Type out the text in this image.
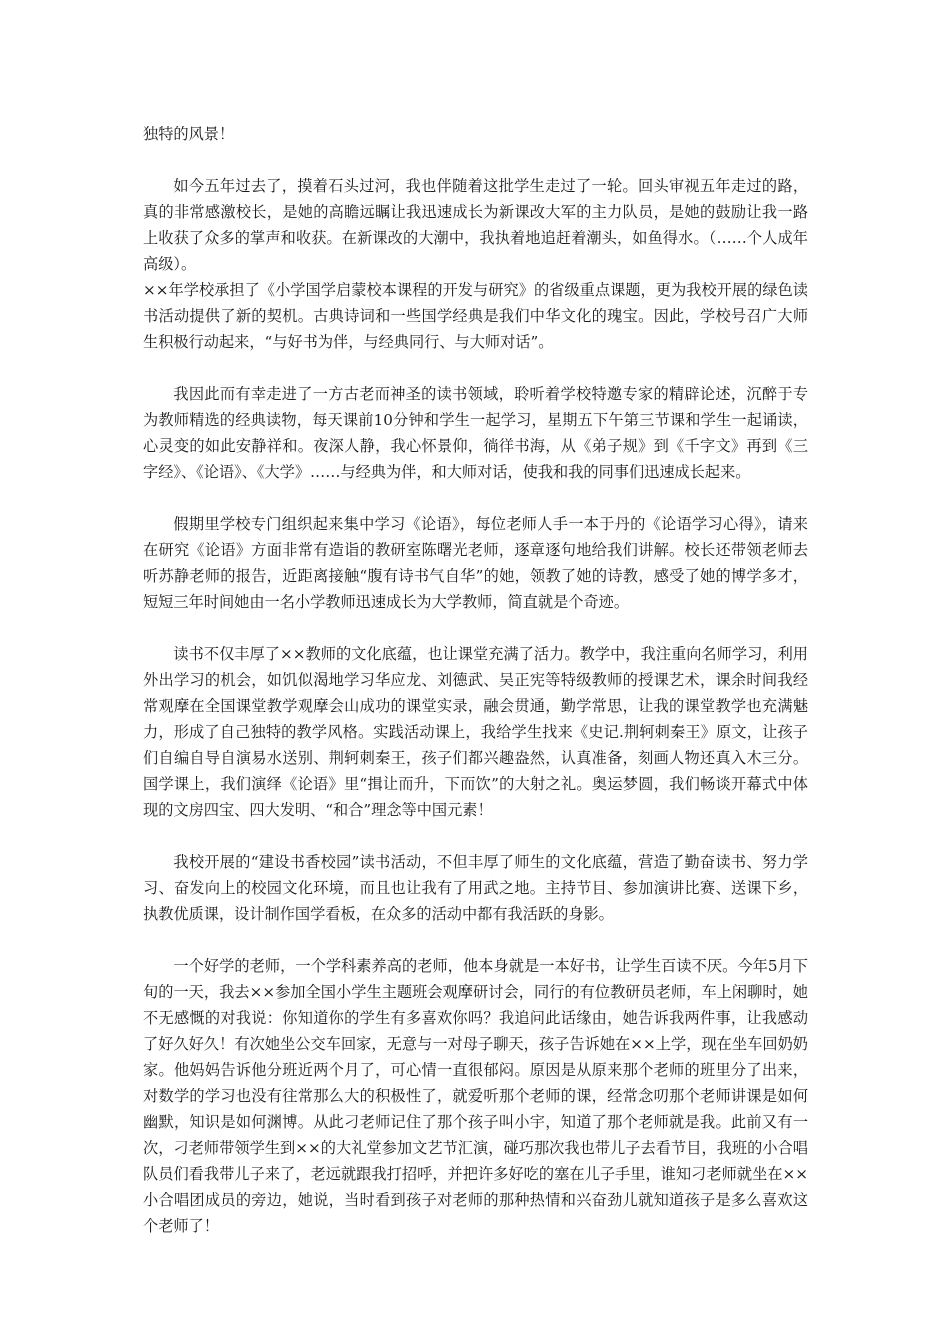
独特的风景！

如今五年过去了，摸着石头过河，我也伴随着这批学生走过了一轮。回头审视五年走过的路，真的非常感激校长，是她的高瞻远瞩让我迅速成长为新课改大军的主力队员，是她的鼓励让我一路上收获了众多的掌声和收获。在新课改的大潮中，我执着地追赶着潮头，如鱼得水。（……个人成年高级）。

××年学校承担了《小学国学启蒙校本课程的开发与研究》的省级重点课题，更为我校开展的绿色读书活动提供了新的契机。古典诗词和一些国学经典是我们中华文化的瑰宝。因此，学校号召广大师生积极行动起来，“与好书为伴，与经典同行、与大师对话”。

我因此而有幸走进了一方古老而神圣的读书领域，聆听着学校特邀专家的精辟论述，沉醉于专为教师精选的经典读物，每天课前10分钟和学生一起学习，星期五下午第三节课和学生一起诵读，心灵变的如此安静祥和。夜深人静，我心怀景仰，徜徉书海，从《弟子规》到《千字文》再到《三字经》、《论语》、《大学》……与经典为伴，和大师对话，使我和我的同事们迅速成长起来。

假期里学校专门组织起来集中学习《论语》，每位老师人手一本于丹的《论语学习心得》，请来在研究《论语》方面非常有造诣的教研室陈曙光老师，逐章逐句地给我们讲解。校长还带领老师去听苏静老师的报告，近距离接触“腹有诗书气自华”的她，领教了她的诗教，感受了她的博学多才，短短三年时间她由一名小学教师迅速成长为大学教师，简直就是个奇迹。

读书不仅丰厚了××教师的文化底蕴，也让课堂充满了活力。教学中，我注重向名师学习，利用外出学习的机会，如饥似渴地学习华应龙、刘德武、吴正宪等特级教师的授课艺术，课余时间我经常观摩在全国课堂教学观摩会山成功的课堂实录，融会贯通，勤学常思，让我的课堂教学也充满魅力，形成了自己独特的教学风格。实践活动课上，我给学生找来《史记.荆轲刺秦王》原文，让孩子们自编自导自演易水送别、荆轲刺秦王，孩子们都兴趣盎然，认真准备，刻画人物还真入木三分。国学课上，我们演绎《论语》里“揖让而升，下而饮”的大射之礼。奥运梦圆，我们畅谈开幕式中体现的文房四宝、四大发明、“和合”理念等中国元素！

我校开展的“建设书香校园”读书活动，不但丰厚了师生的文化底蕴，营造了勤奋读书、努力学习、奋发向上的校园文化环境，而且也让我有了用武之地。主持节目、参加演讲比赛、送课下乡，执教优质课，设计制作国学看板，在众多的活动中都有我活跃的身影。

一个好学的老师，一个学科素养高的老师，他本身就是一本好书，让学生百读不厌。今年5月下旬的一天，我去××参加全国小学生主题班会观摩研讨会，同行的有位教研员老师，车上闲聊时，她不无感慨的对我说：你知道你的学生有多喜欢你吗？我追问此话缘由，她告诉我两件事，让我感动了好久好久！有次她坐公交车回家，无意与一对母子聊天，孩子告诉她在××上学，现在坐车回奶奶家。他妈妈告诉他分班近两个月了，可心情一直很郁闷。原因是从原来那个老师的班里分了出来，对数学的学习也没有往常那么大的积极性了，就爱听那个老师的课，经常念叨那个老师讲课是如何幽默，知识是如何渊博。从此刁老师记住了那个孩子叫小宇，知道了那个老师就是我。此前又有一次，刁老师带领学生到××的大礼堂参加文艺节汇演，碰巧那次我也带儿子去看节目，我班的小合唱队员们看我带儿子来了，老远就跟我打招呼，并把许多好吃的塞在儿子手里，谁知刁老师就坐在××小合唱团成员的旁边，她说，当时看到孩子对老师的那种热情和兴奋劲儿就知道孩子是多么喜欢这个老师了！
